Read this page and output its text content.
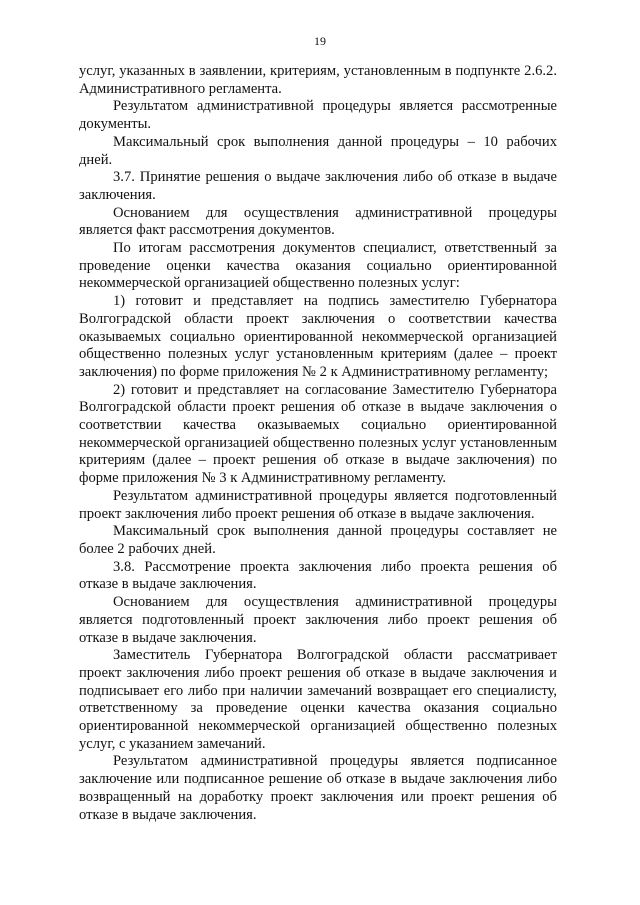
19

услуг, указанных в заявлении, критериям, установленным в подпункте 2.6.2. Административного регламента.

Результатом административной процедуры является рассмотренные документы.

Максимальный срок выполнения данной процедуры – 10 рабочих дней.

3.7. Принятие решения о выдаче заключения либо об отказе в выдаче заключения.

Основанием для осуществления административной процедуры является факт рассмотрения документов.

По итогам рассмотрения документов специалист, ответственный за проведение оценки качества оказания социально ориентированной некоммерческой организацией общественно полезных услуг:

1) готовит и представляет на подпись заместителю Губернатора Волгоградской области проект заключения о соответствии качества оказываемых социально ориентированной некоммерческой организацией общественно полезных услуг установленным критериям (далее – проект заключения) по форме приложения № 2 к Административному регламенту;

2) готовит и представляет на согласование Заместителю Губернатора Волгоградской области проект решения об отказе в выдаче заключения о соответствии качества оказываемых социально ориентированной некоммерческой организацией общественно полезных услуг установленным критериям (далее – проект решения об отказе в выдаче заключения) по форме приложения № 3 к Административному регламенту.

Результатом административной процедуры является подготовленный проект заключения либо проект решения об отказе в выдаче заключения.

Максимальный срок выполнения данной процедуры составляет не более 2 рабочих дней.

3.8. Рассмотрение проекта заключения либо проекта решения об отказе в выдаче заключения.

Основанием для осуществления административной процедуры является подготовленный проект заключения либо проект решения об отказе в выдаче заключения.

Заместитель Губернатора Волгоградской области рассматривает проект заключения либо проект решения об отказе в выдаче заключения и подписывает его либо при наличии замечаний возвращает его специалисту, ответственному за проведение оценки качества оказания социально ориентированной некоммерческой организацией общественно полезных услуг, с указанием замечаний.

Результатом административной процедуры является подписанное заключение или подписанное решение об отказе в выдаче заключения либо возвращенный на доработку проект заключения или проект решения об отказе в выдаче заключения.
